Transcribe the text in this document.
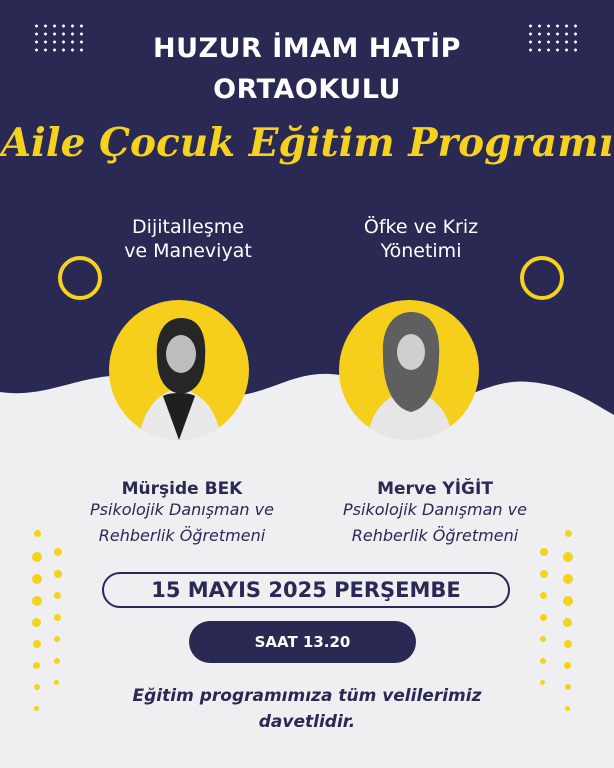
HUZUR İMAM HATİP
ORTAOKULU
Aile Çocuk Eğitim Programı
Dijitalleşme
ve Maneviyat
Öfke ve Kriz
Yönetimi
Mürşide BEK
Psikolojik Danışman ve
Rehberlik Öğretmeni
Merve YİĞİT
Psikolojik Danışman ve
Rehberlik Öğretmeni
15 MAYIS 2025 PERŞEMBE
SAAT 13.20
Eğitim programımıza tüm velilerimiz
davetlidir.
